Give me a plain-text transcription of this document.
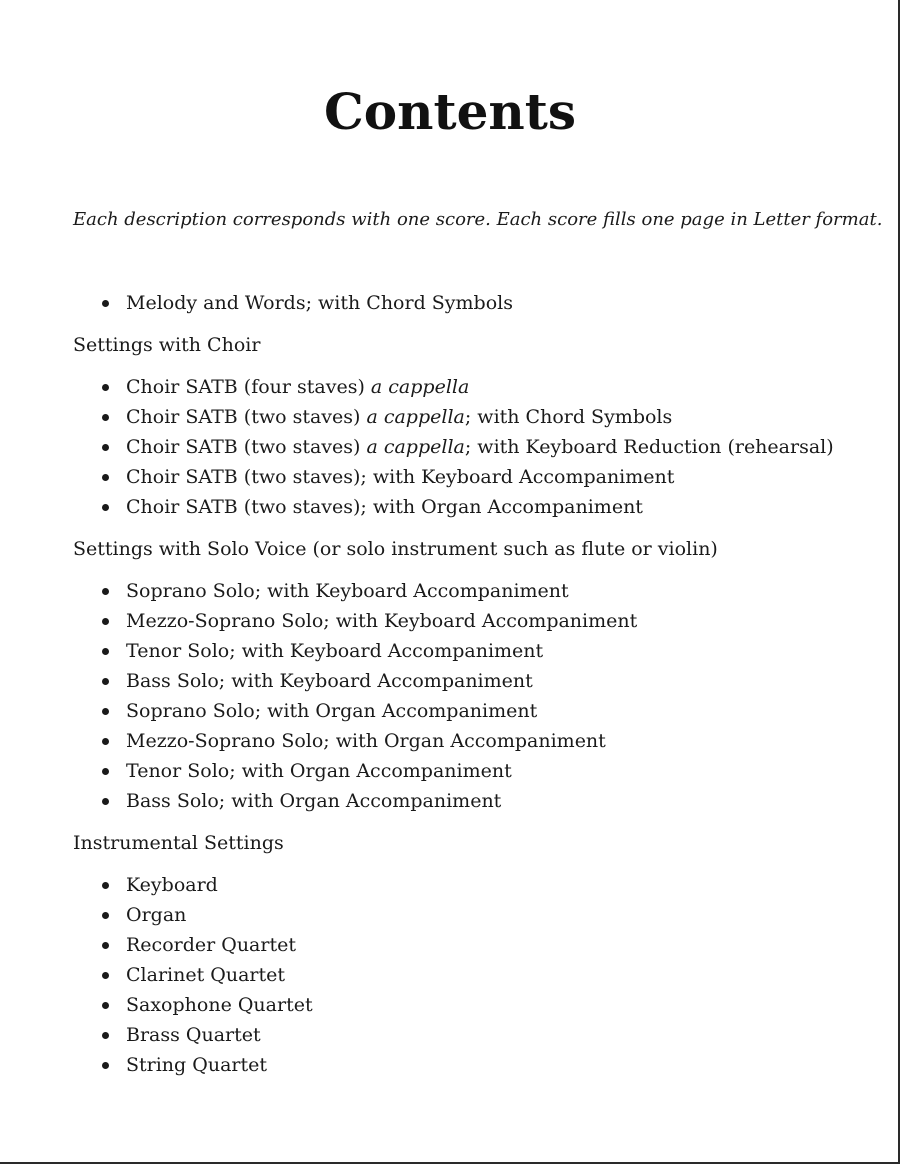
Contents
Each description corresponds with one score. Each score fills one page in Letter format.
Melody and Words; with Chord Symbols
Settings with Choir
Choir SATB (four staves) a cappella
Choir SATB (two staves) a cappella; with Chord Symbols
Choir SATB (two staves) a cappella; with Keyboard Reduction (rehearsal)
Choir SATB (two staves); with Keyboard Accompaniment
Choir SATB (two staves); with Organ Accompaniment
Settings with Solo Voice (or solo instrument such as flute or violin)
Soprano Solo; with Keyboard Accompaniment
Mezzo-Soprano Solo; with Keyboard Accompaniment
Tenor Solo; with Keyboard Accompaniment
Bass Solo; with Keyboard Accompaniment
Soprano Solo; with Organ Accompaniment
Mezzo-Soprano Solo; with Organ Accompaniment
Tenor Solo; with Organ Accompaniment
Bass Solo; with Organ Accompaniment
Instrumental Settings
Keyboard
Organ
Recorder Quartet
Clarinet Quartet
Saxophone Quartet
Brass Quartet
String Quartet
